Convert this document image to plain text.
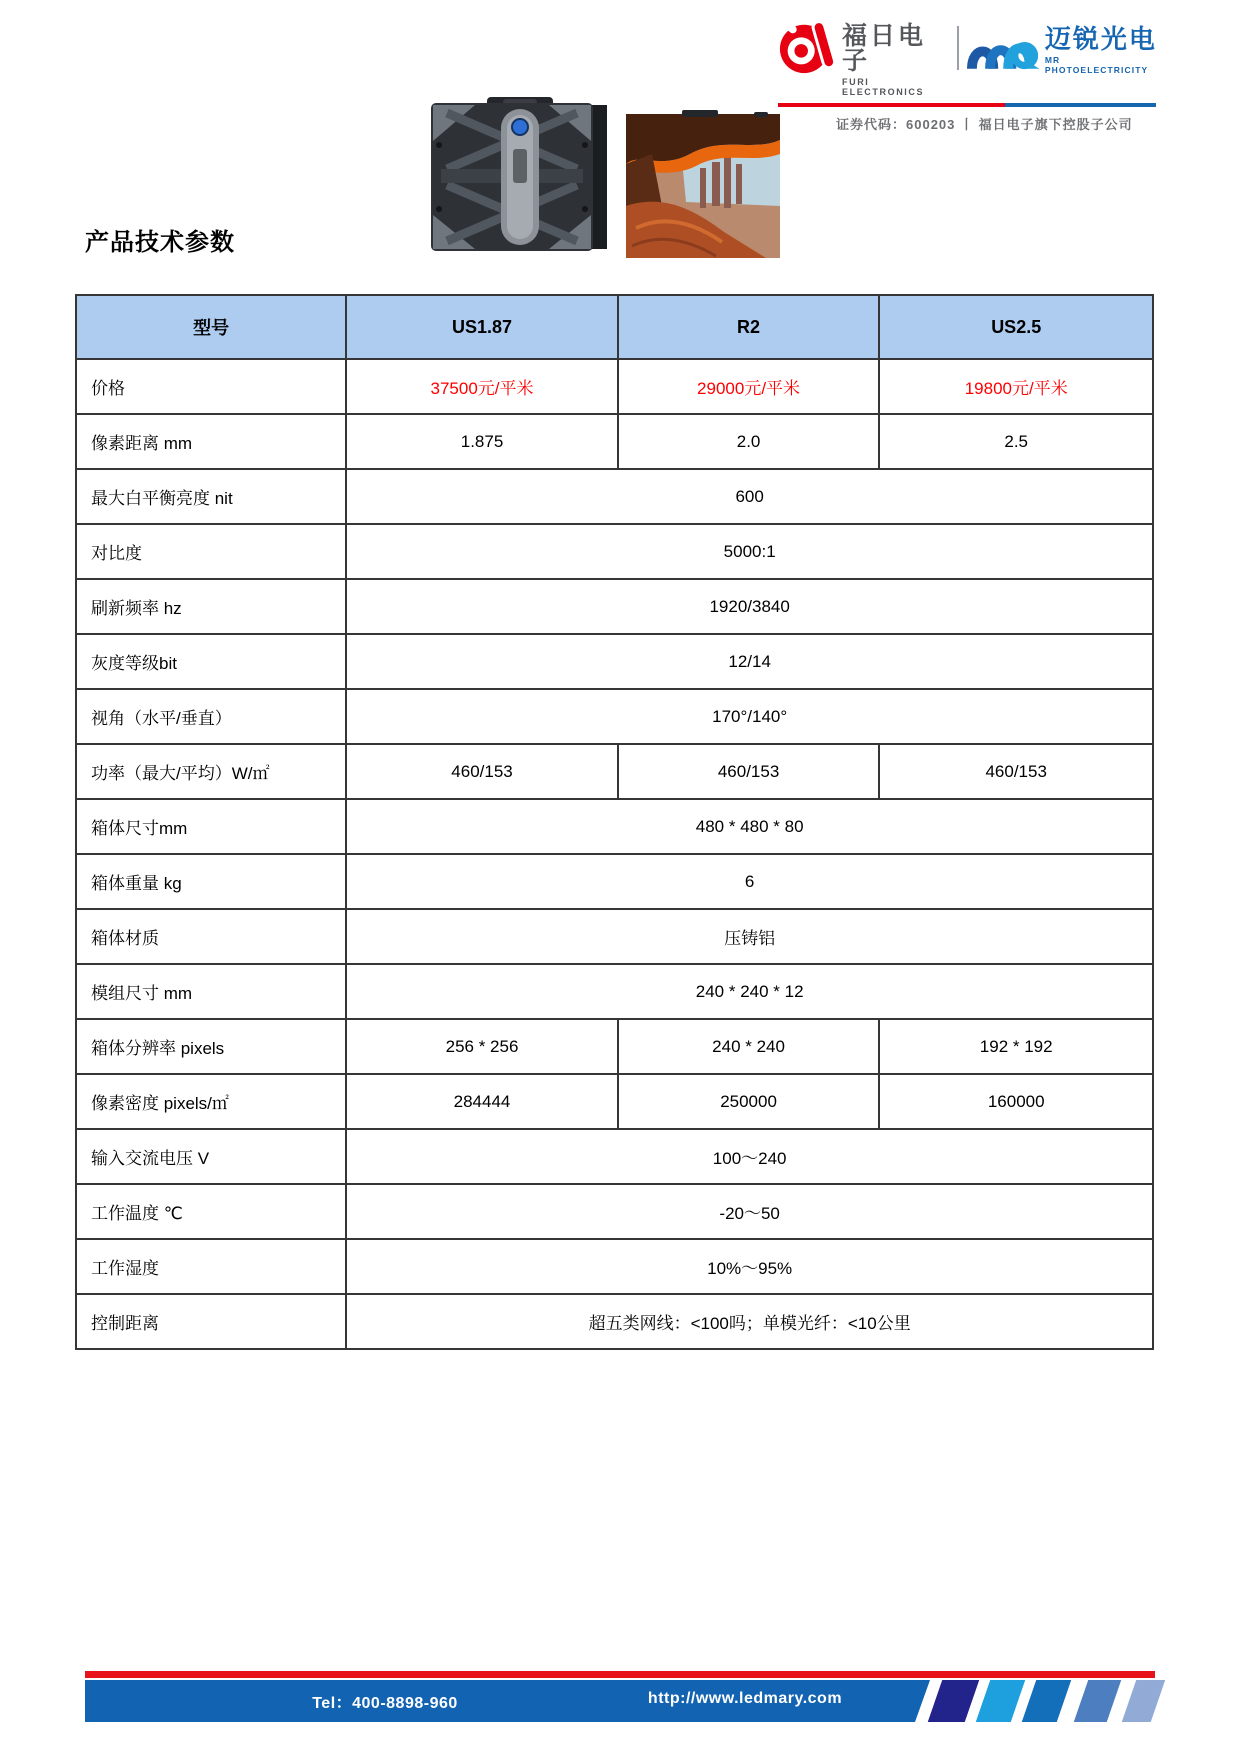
福日电子
FURI ELECTRONICS
迈锐光电
MR PHOTOELECTRICITY
证券代码：600203 丨 福日电子旗下控股子公司
产品技术参数
型号	US1.87	R2	US2.5
价格	37500元/平米	29000元/平米	19800元/平米
像素距离 mm	1.875	2.0	2.5
最大白平衡亮度 nit	600		
对比度	5000:1		
刷新频率 hz	1920/3840		
灰度等级bit	12/14		
视角（水平/垂直）	170°/140°		
功率（最大/平均）W/㎡	460/153	460/153	460/153
箱体尺寸mm	480 * 480 * 80		
箱体重量 kg	6		
箱体材质	压铸铝		
模组尺寸 mm	240 * 240 * 12		
箱体分辨率 pixels	256 * 256	240 * 240	192 * 192
像素密度 pixels/㎡	284444	250000	160000
输入交流电压 V	100～240		
工作温度 ℃	-20～50		
工作湿度	10%～95%		
控制距离	超五类网线：<100吗；单模光纤：<10公里		
Tel：400-8898-960	http://www.ledmary.com
